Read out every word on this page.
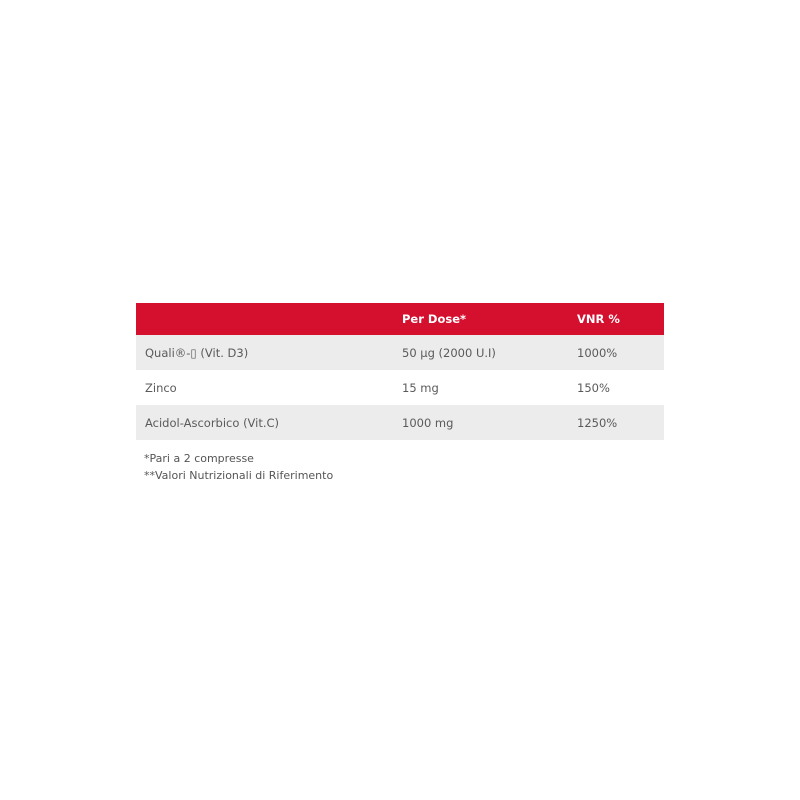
	Per Dose*	VNR %
Quali®-▯ (Vit. D3)	50 µg (2000 U.I)	1000%
Zinco	15 mg	150%
Acidol-Ascorbico (Vit.C)	1000 mg	1250%
*Pari a 2 compresse
**Valori Nutrizionali di Riferimento
